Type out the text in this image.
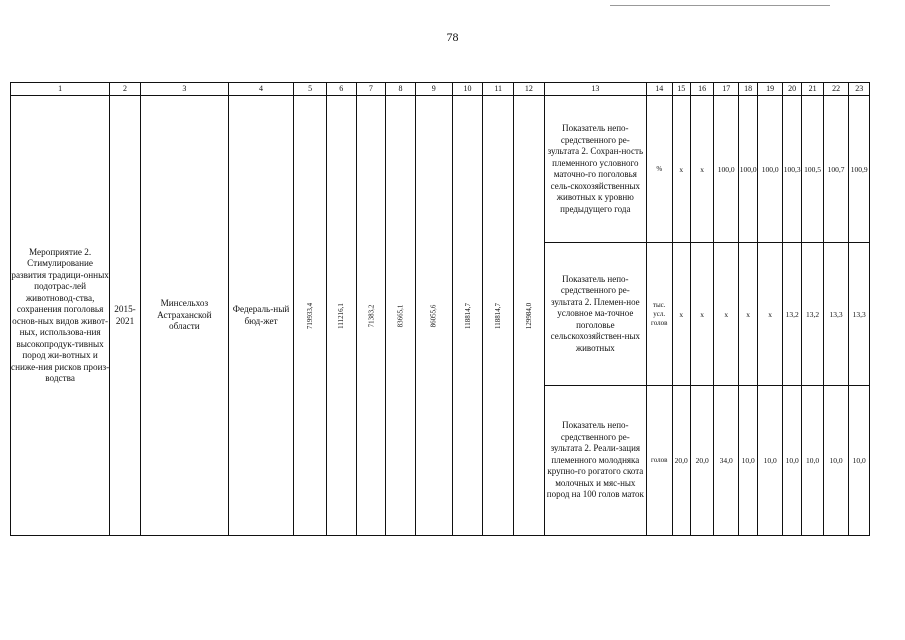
78
1	2	3	4	5	6	7	8	9	10	11	12	13	14	15	16	17	18	19	20	21	22	23
Мероприятие 2. Стимулирование развития традици-онных подотрас-лей животновод-ства, сохранения поголовья основ-ных видов живот-ных, использова-ния высокопродук-тивных пород жи-вотных и сниже-ния рисков произ-водства	2015-2021	Минсельхоз Астраханской области	Федераль-ный бюд-жет	719933,4	111216,1	71383,2	83665,1	86055,6	118814,7	118814,7	129984,0	Показатель непо-средственного ре-зультата 2. Сохран-ность племенного условного маточно-го поголовья сель-скохозяйственных животных к уровню предыдущего года	%	х	х	100,0	100,0	100,0	100,3	100,5	100,7	100,9
												Показатель непо-средственного ре-зультата 2. Племен-ное условное ма-точное поголовье сельскохозяйствен-ных животных	тыс. усл. голов	х	х	х	х	х	13,2	13,2	13,3	13,3
												Показатель непо-средственного ре-зультата 2. Реали-зация племенного молодняка крупно-го рогатого скота молочных и мяс-ных пород на 100 голов маток	голов	20,0	20,0	34,0	10,0	10,0	10,0	10,0	10,0	10,0
